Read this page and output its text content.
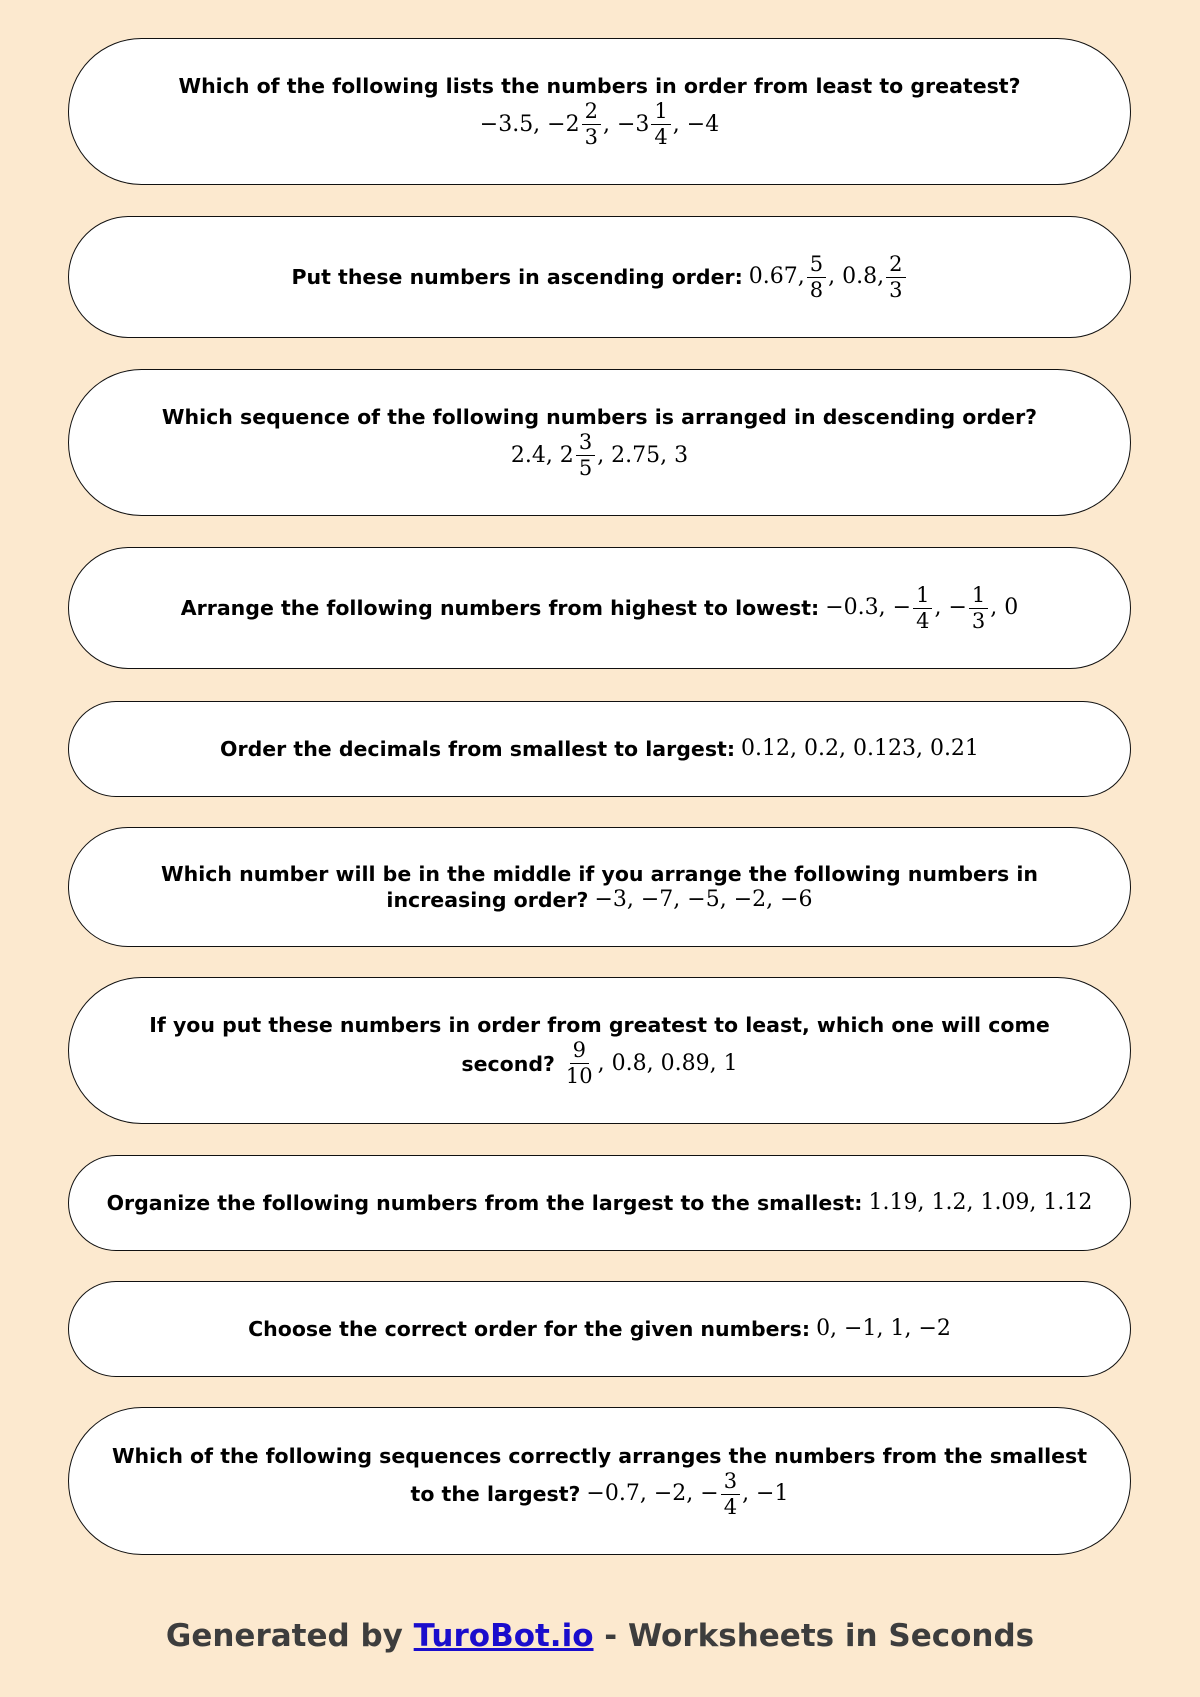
Which of the following lists the numbers in order from least to greatest?
−3.5, $-2 \frac{2}{3}$ , $-3 \frac{1}{4}$ , −4
Put these numbers in ascending order: 0.67, $\frac{5}{8}$ , 0.8, $\frac{2}{3}$
Which sequence of the following numbers is arranged in descending order?
2.4, $2 \frac{3}{5}$ , 2.75, 3
Arrange the following numbers from highest to lowest: −0.3, − $\frac{1}{4}$ , − $\frac{1}{3}$ , 0
Order the decimals from smallest to largest: 0.12, 0.2, 0.123, 0.21
Which number will be in the middle if you arrange the following numbers in
increasing order? −3, −7, −5, −2, −6
If you put these numbers in order from greatest to least, which one will come
second? $\frac{9}{10}$ , 0.8, 0.89, 1
Organize the following numbers from the largest to the smallest: 1.19, 1.2, 1.09, 1.12
Choose the correct order for the given numbers: 0, −1, 1, −2
Which of the following sequences correctly arranges the numbers from the smallest
to the largest? −0.7, −2, − $\frac{3}{4}$ , −1
Generated by TuroBot.io - Worksheets in Seconds
